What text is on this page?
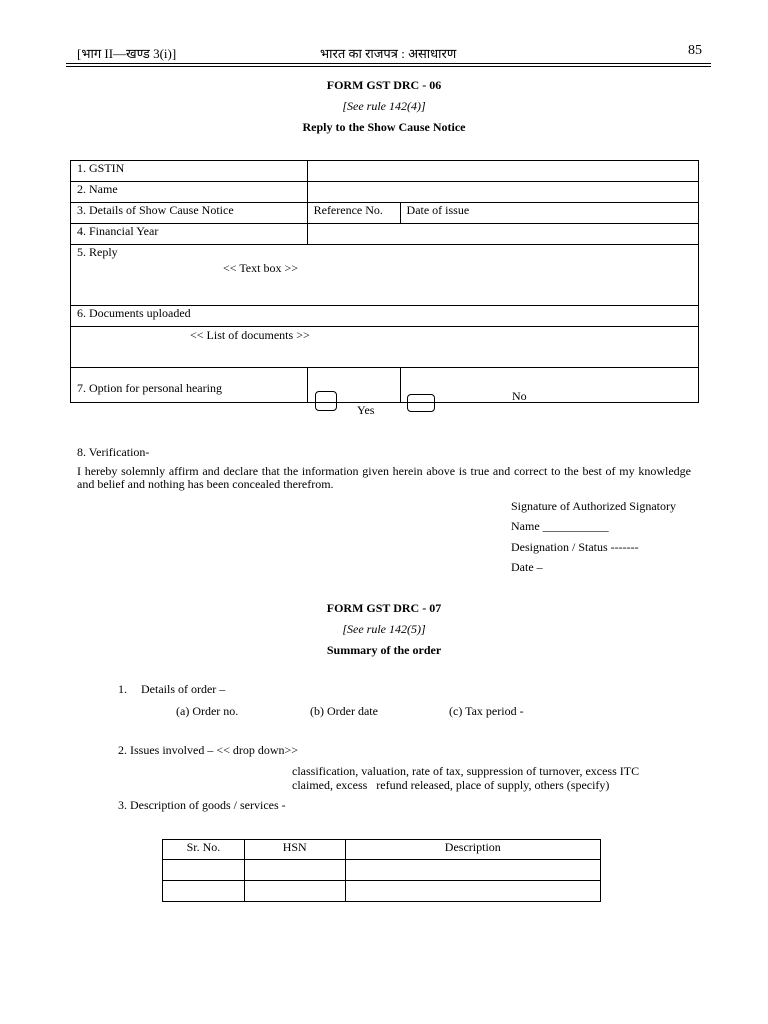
[भाग II—खण्ड 3(i)]	भारत का राजपत्र : असाधारण	85
FORM GST DRC - 06
[See rule 142(4)]
Reply to the Show Cause Notice
1. GSTIN		
2. Name		
3. Details of Show Cause Notice	Reference No.	Date of issue
4. Financial Year		

5. Reply
<< Text box >>		

6. Documents uploaded		

<< List of documents >>		

7. Option for personal hearing		
Yes
No
8. Verification-
I hereby solemnly affirm and declare that the information given herein above is true and correct to the best of my knowledge and belief and nothing has been concealed therefrom.
Signature of Authorized Signatory
Name ___________
Designation / Status -------
Date –
FORM GST DRC - 07
[See rule 142(5)]
Summary of the order
1. Details of order –
(a) Order no.	(b) Order date	(c) Tax period -
2. Issues involved – << drop down>>
classification, valuation, rate of tax, suppression of turnover, excess ITC
claimed, excess   refund released, place of supply, others (specify)
3. Description of goods / services -
Sr. No.	HSN	Description
